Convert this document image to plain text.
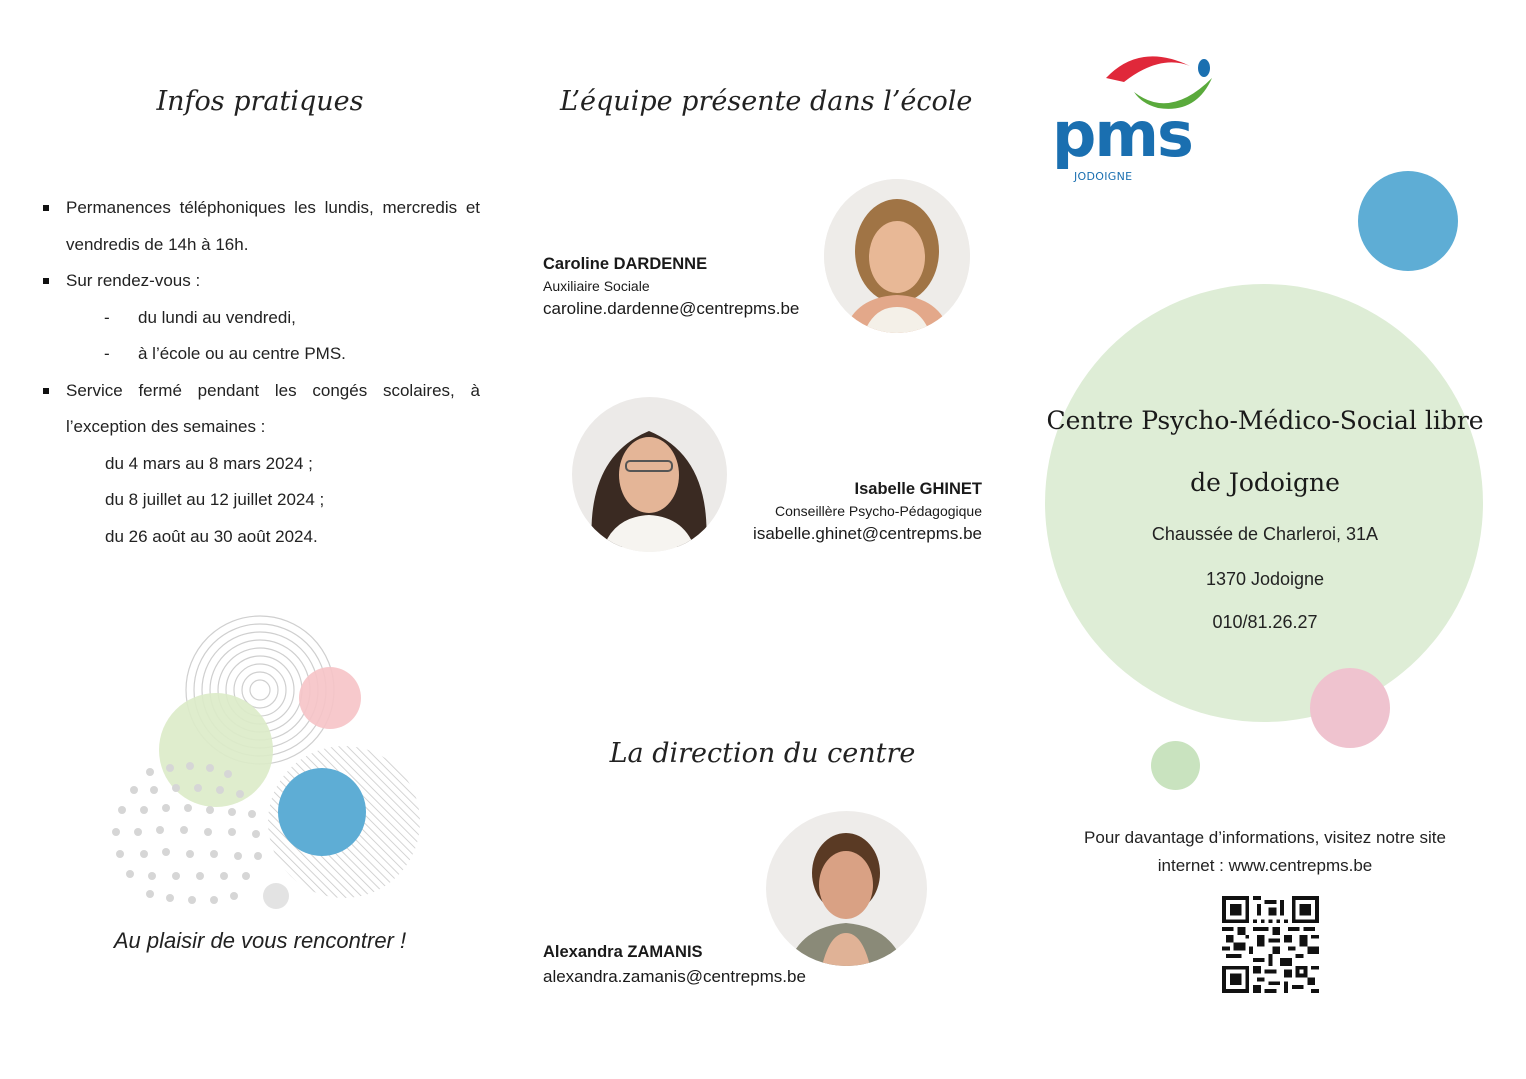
Infos pratiques
Permanences téléphoniques les lundis, mercredis et vendredis de 14h à 16h.
Sur rendez-vous :
- du lundi au vendredi,
- à l’école ou au centre PMS.
Service fermé pendant les congés scolaires, à l’exception des semaines :
du 4 mars au 8 mars 2024 ;
du 8 juillet au 12 juillet 2024 ;
du 26 août au 30 août 2024.
Au plaisir de vous rencontrer !
L’équipe présente dans l’école
Caroline DARDENNE
Auxiliaire Sociale
caroline.dardenne@centrepms.be
Isabelle GHINET
Conseillère Psycho-Pédagogique
isabelle.ghinet@centrepms.be
La direction du centre
Alexandra ZAMANIS
alexandra.zamanis@centrepms.be
pms
JODOIGNE
Centre Psycho-Médico-Social libre
de Jodoigne
Chaussée de Charleroi, 31A
1370 Jodoigne
010/81.26.27
Pour davantage d’informations, visitez notre site
internet : www.centrepms.be
